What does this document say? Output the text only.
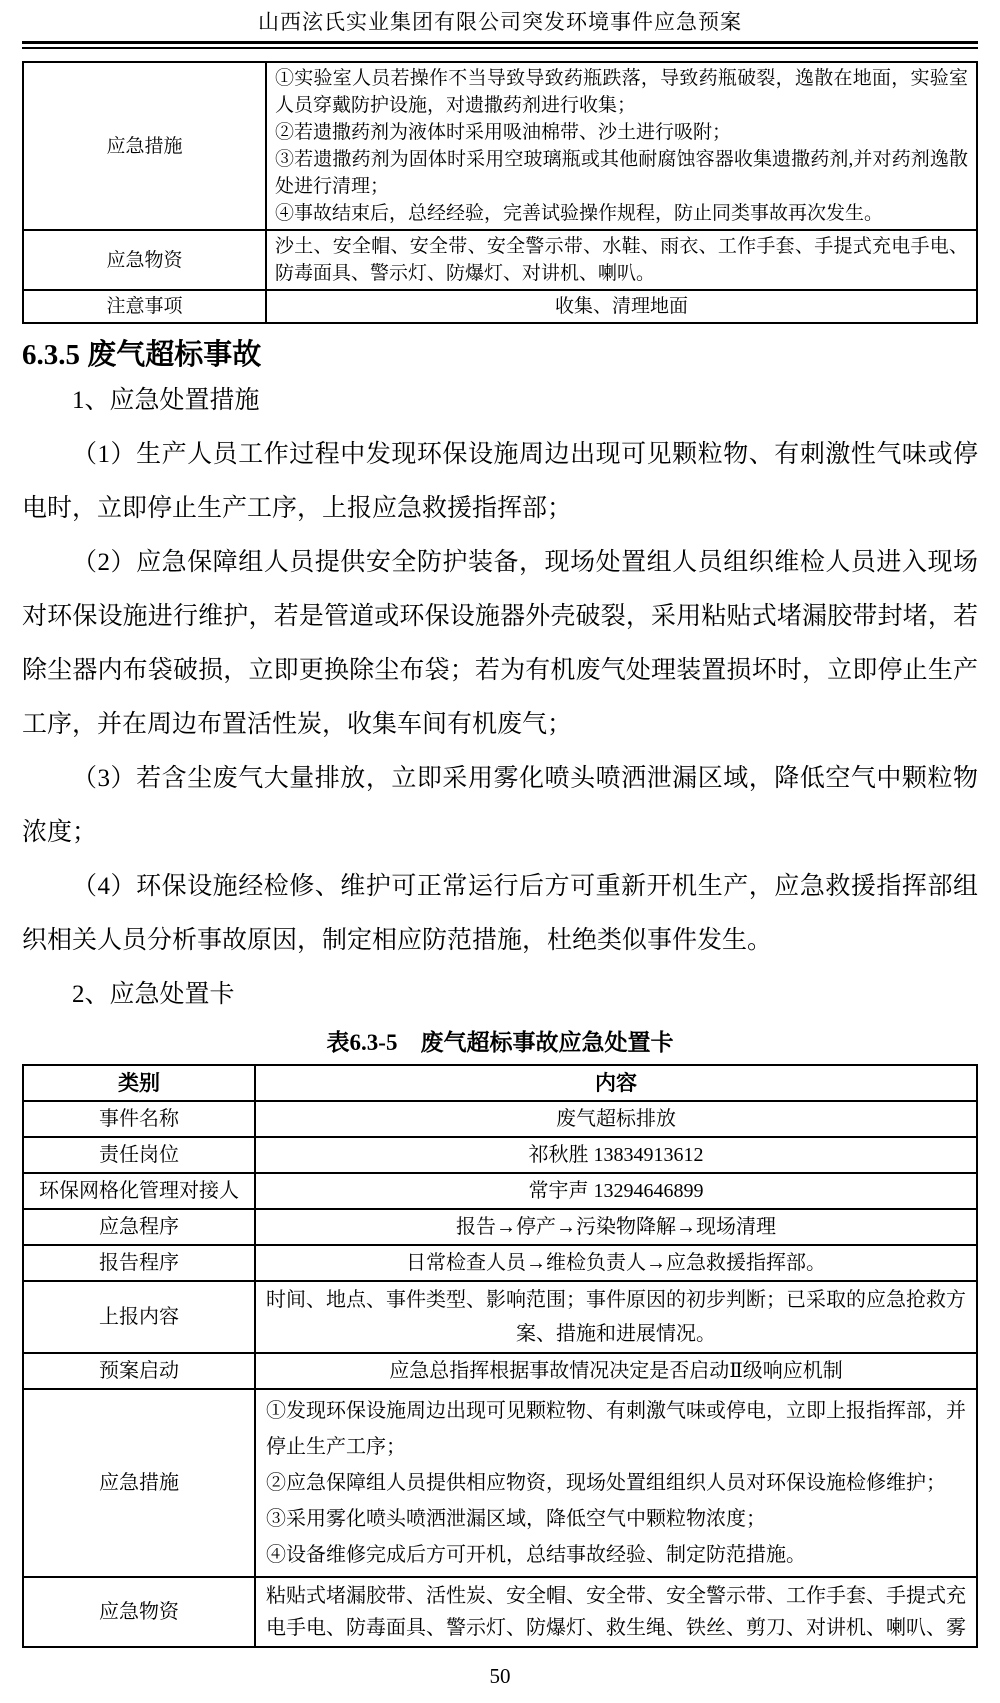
山西泫氏实业集团有限公司突发环境事件应急预案
应急措施	①实验室人员若操作不当导致导致药瓶跌落，导致药瓶破裂，逸散在地面，实验室人员穿戴防护设施，对遗撒药剂进行收集；
②若遗撒药剂为液体时采用吸油棉带、沙土进行吸附；
③若遗撒药剂为固体时采用空玻璃瓶或其他耐腐蚀容器收集遗撒药剂,并对药剂逸散处进行清理；
④事故结束后，总经经验，完善试验操作规程，防止同类事故再次发生。

应急物资	沙土、安全帽、安全带、安全警示带、水鞋、雨衣、工作手套、手提式充电手电、防毒面具、警示灯、防爆灯、对讲机、喇叭。
注意事项	收集、清理地面
6.3.5 废气超标事故
1、应急处置措施
（1）生产人员工作过程中发现环保设施周边出现可见颗粒物、有刺激性气味或停电时，立即停止生产工序，上报应急救援指挥部；
（2）应急保障组人员提供安全防护装备，现场处置组人员组织维检人员进入现场对环保设施进行维护，若是管道或环保设施器外壳破裂，采用粘贴式堵漏胶带封堵，若除尘器内布袋破损，立即更换除尘布袋；若为有机废气处理装置损坏时，立即停止生产工序，并在周边布置活性炭，收集车间有机废气；
（3）若含尘废气大量排放，立即采用雾化喷头喷洒泄漏区域，降低空气中颗粒物浓度；
（4）环保设施经检修、维护可正常运行后方可重新开机生产，应急救援指挥部组织相关人员分析事故原因，制定相应防范措施，杜绝类似事件发生。
2、应急处置卡
表6.3-5　废气超标事故应急处置卡
类别	内容
事件名称	废气超标排放
责任岗位	祁秋胜 13834913612
环保网格化管理对接人	常宇声 13294646899
应急程序	报告→停产→污染物降解→现场清理
报告程序	日常检查人员→维检负责人→应急救援指挥部。
上报内容	时间、地点、事件类型、影响范围；事件原因的初步判断；已采取的应急抢救方案、措施和进展情况。
预案启动	应急总指挥根据事故情况决定是否启动Ⅱ级响应机制
应急措施	①发现环保设施周边出现可见颗粒物、有刺激气味或停电，立即上报指挥部，并停止生产工序；
②应急保障组人员提供相应物资，现场处置组组织人员对环保设施检修维护；
③采用雾化喷头喷洒泄漏区域，降低空气中颗粒物浓度；
④设备维修完成后方可开机，总结事故经验、制定防范措施。

应急物资	粘贴式堵漏胶带、活性炭、安全帽、安全带、安全警示带、工作手套、手提式充电手电、防毒面具、警示灯、防爆灯、救生绳、铁丝、剪刀、对讲机、喇叭、雾
50
